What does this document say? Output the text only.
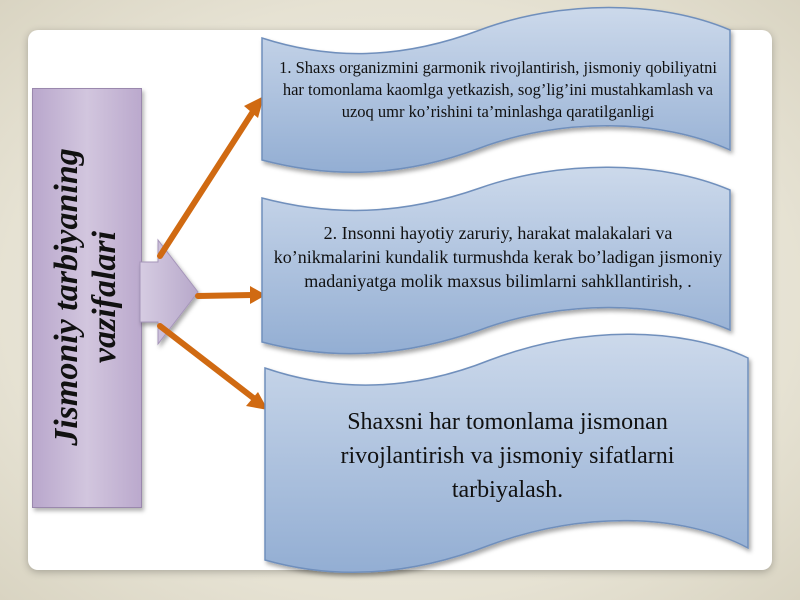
Jismoniy tarbiyaning vazifalari
1. Shaxs organizmini garmonik rivojlantirish, jismoniy qobiliyatni har tomonlama kaomlga yetkazish, sog’lig’ini mustahkamlash va uzoq umr ko’rishini ta’minlashga qaratilganligi
2. Insonni hayotiy zaruriy, harakat malakalari va ko’nikmalarini kundalik turmushda kerak bo’ladigan jismoniy madaniyatga molik maxsus bilimlarni sahkllantirish, .
Shaxsni har tomonlama jismonan rivojlantirish va jismoniy sifatlarni tarbiyalash.
